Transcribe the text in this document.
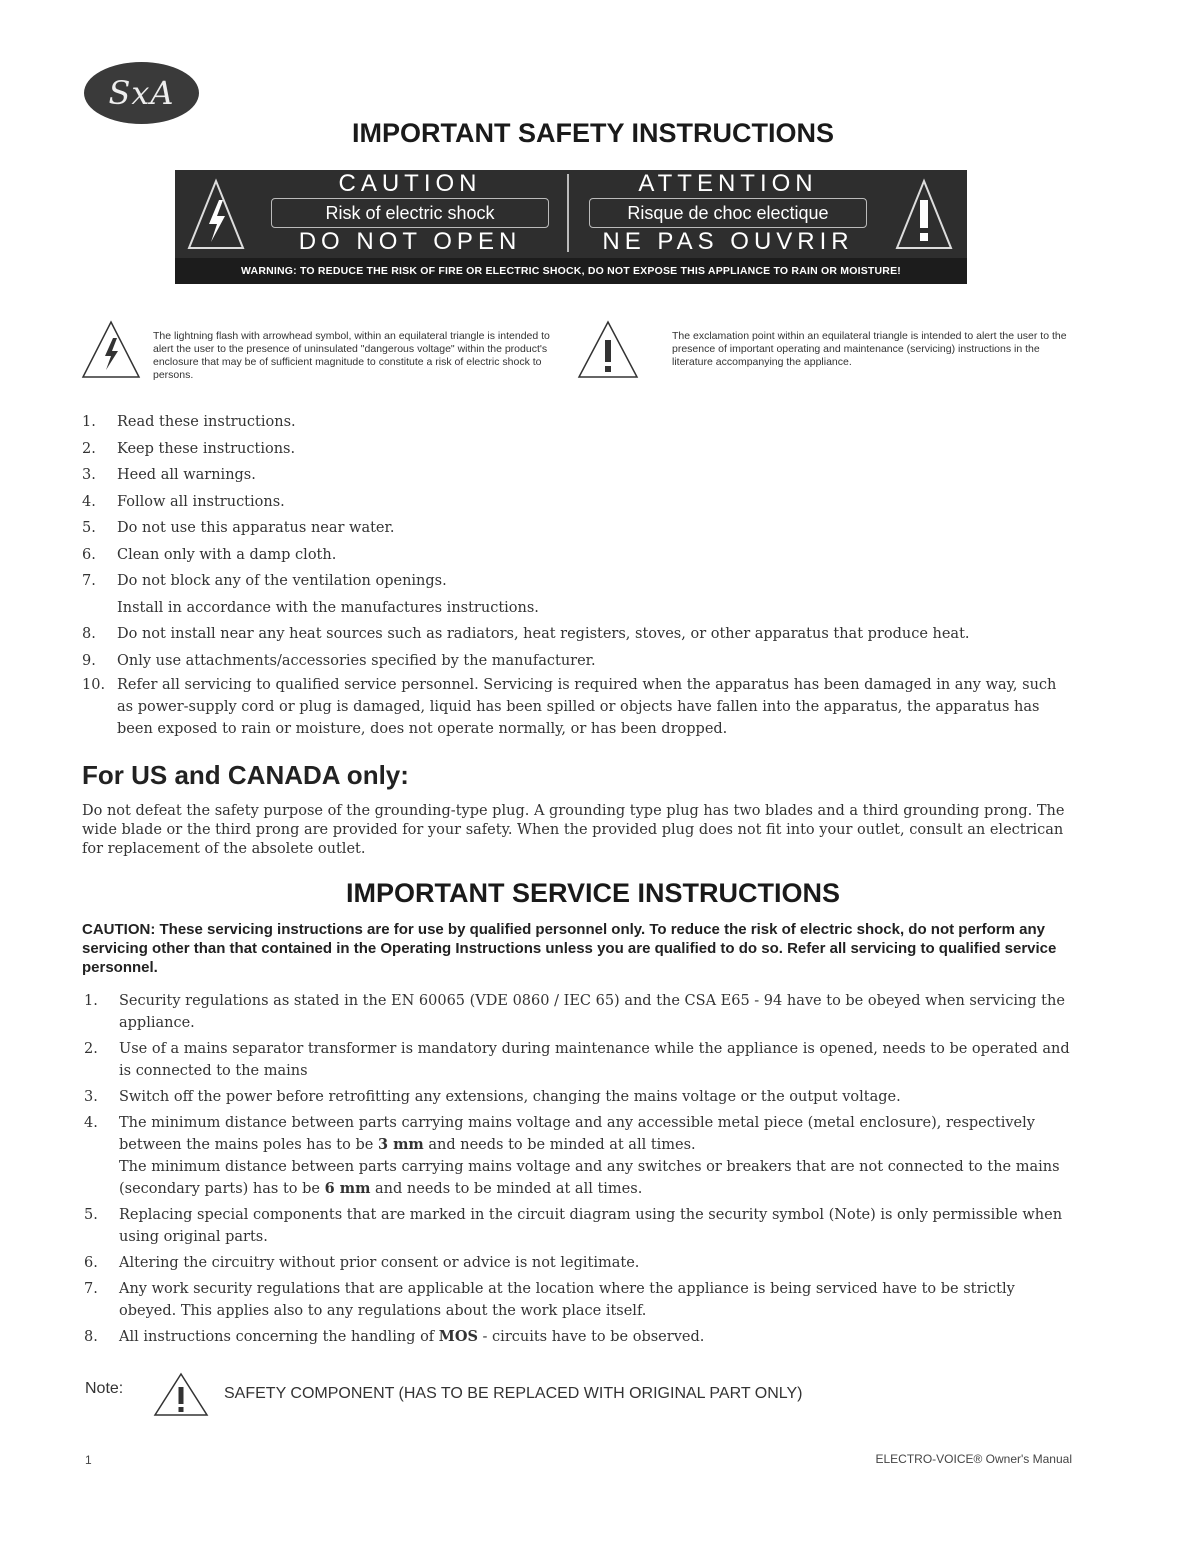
SxA
IMPORTANT SAFETY INSTRUCTIONS
CAUTION
Risk of electric shock
DO NOT OPEN
ATTENTION
Risque de choc electique
NE PAS OUVRIR
WARNING: TO REDUCE THE RISK OF FIRE OR ELECTRIC SHOCK, DO NOT EXPOSE THIS APPLIANCE TO RAIN OR MOISTURE!
The lightning flash with arrowhead symbol, within an equilateral triangle is intended to alert the user to the presence of uninsulated "dangerous voltage" within the product's enclosure that may be of sufficient magnitude to constitute a risk of electric shock to persons.
The exclamation point within an equilateral triangle is intended to alert the user to the presence of important operating and maintenance (servicing) instructions in the literature accompanying the appliance.
1. Read these instructions.
2. Keep these instructions.
3. Heed all warnings.
4. Follow all instructions.
5. Do not use this apparatus near water.
6. Clean only with a damp cloth.
7. Do not block any of the ventilation openings.
Install in accordance with the manufactures instructions.
8. Do not install near any heat sources such as radiators, heat registers, stoves, or other apparatus that produce heat.
9. Only use attachments/accessories specified by the manufacturer.
10. Refer all servicing to qualified service personnel. Servicing is required when the apparatus has been damaged in any way, such as power-supply cord or plug is damaged, liquid has been spilled or objects have fallen into the apparatus, the apparatus has been exposed to rain or moisture, does not operate normally, or has been dropped.
For US and CANADA only:

Do not defeat the safety purpose of the grounding-type plug. A grounding type plug has two blades and a third grounding prong. The wide blade or the third prong are provided for your safety. When the provided plug does not fit into your outlet, consult an electrican for replacement of the absolete outlet.

IMPORTANT SERVICE INSTRUCTIONS

CAUTION: These servicing instructions are for use by qualified personnel only. To reduce the risk of electric shock, do not perform any servicing other than that contained in the Operating Instructions unless you are qualified to do so. Refer all servicing to qualified service personnel.

1. Security regulations as stated in the EN 60065 (VDE 0860 / IEC 65) and the CSA E65 - 94 have to be obeyed when servicing the appliance.
2. Use of a mains separator transformer is mandatory during maintenance while the appliance is opened, needs to be operated and is connected to the mains
3. Switch off the power before retrofitting any extensions, changing the mains voltage or the output voltage.
4. The minimum distance between parts carrying mains voltage and any accessible metal piece (metal enclosure), respectively between the mains poles has to be 3 mm and needs to be minded at all times.
The minimum distance between parts carrying mains voltage and any switches or breakers that are not connected to the mains (secondary parts) has to be 6 mm and needs to be minded at all times.
5. Replacing special components that are marked in the circuit diagram using the security symbol (Note) is only permissible when using original parts.
6. Altering the circuitry without prior consent or advice is not legitimate.
7. Any work security regulations that are applicable at the location where the appliance is being serviced have to be strictly obeyed. This applies also to any regulations about the work place itself.
8. All instructions concerning the handling of MOS - circuits have to be observed.
Note:	SAFETY COMPONENT (HAS TO BE REPLACED WITH ORIGINAL PART ONLY)
1	ELECTRO-VOICE® Owner's Manual
